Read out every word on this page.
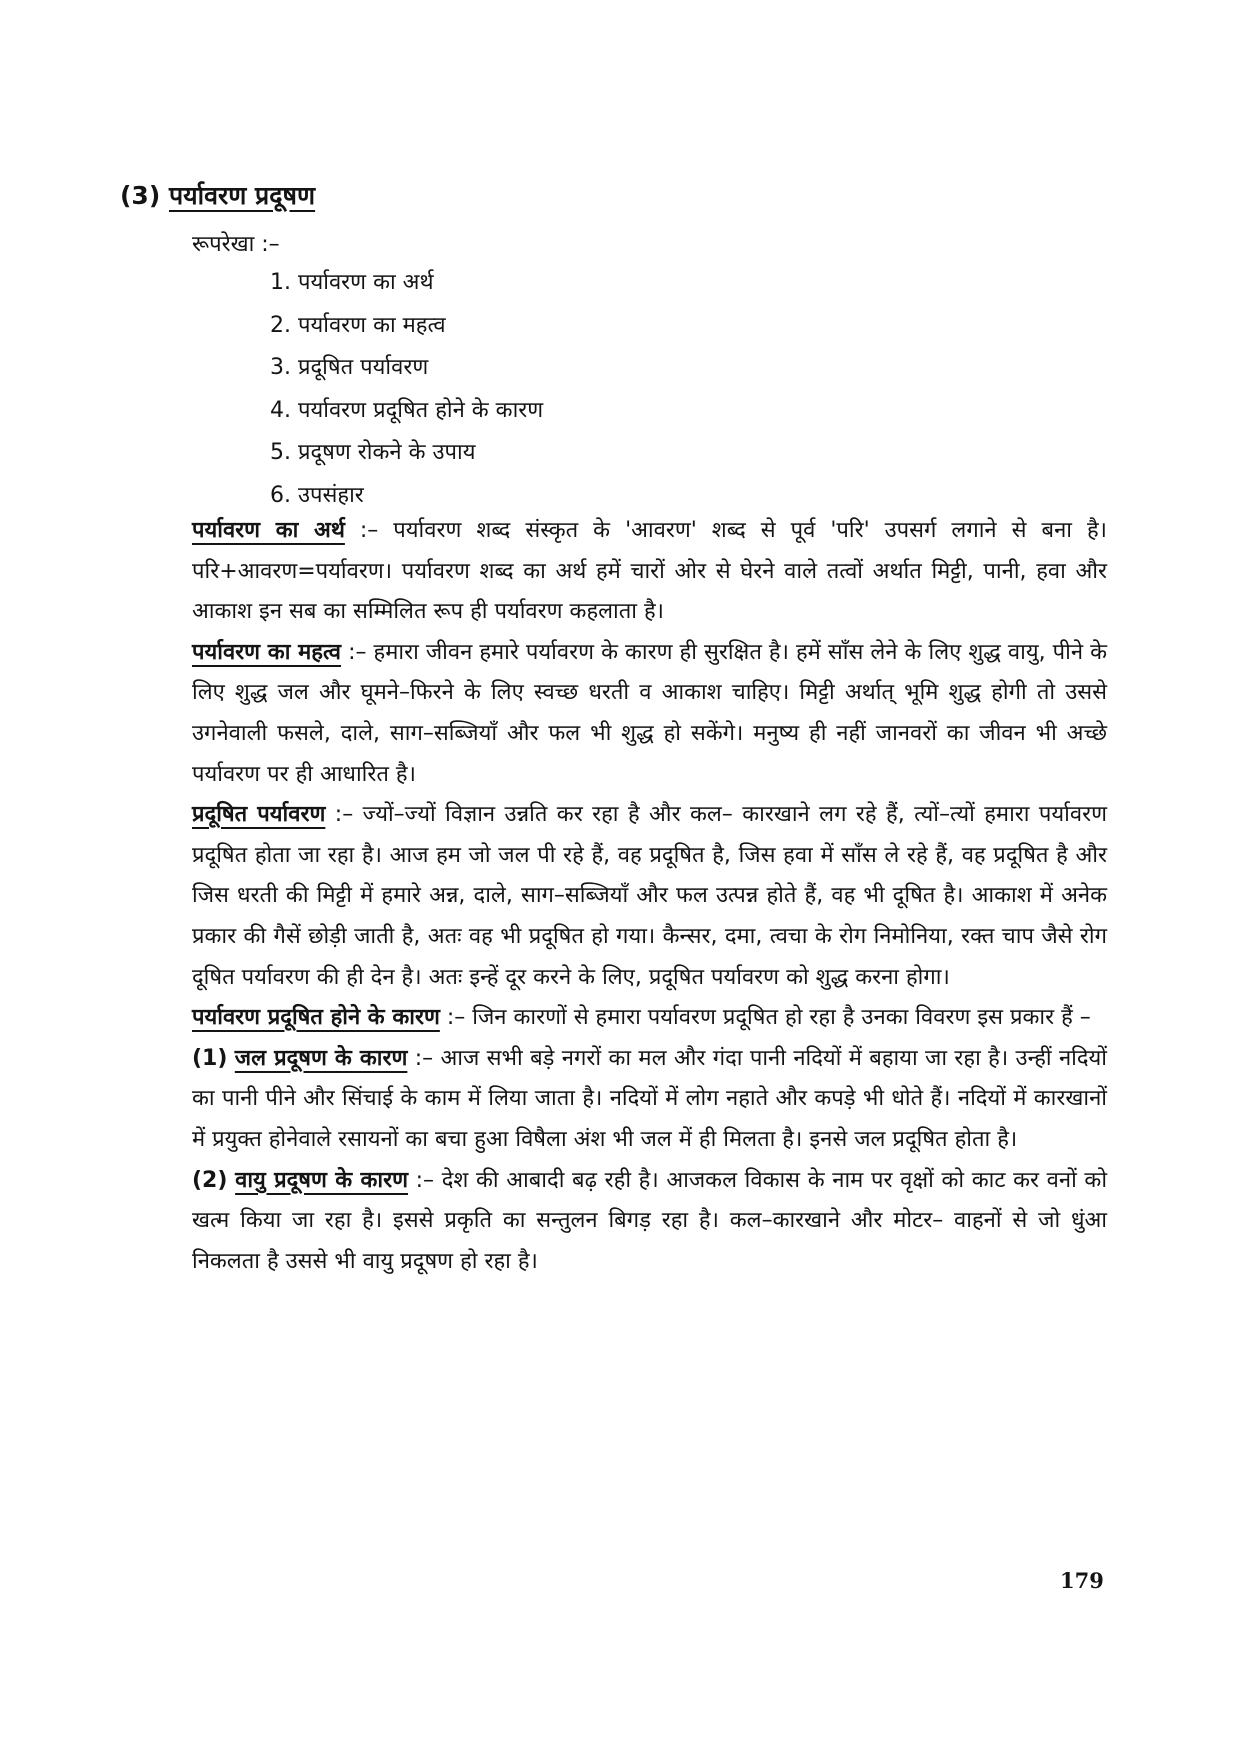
(3) पर्यावरण प्रदूषण
रूपरेखा :–
1. पर्यावरण का अर्थ
2. पर्यावरण का महत्व
3. प्रदूषित पर्यावरण
4. पर्यावरण प्रदूषित होने के कारण
5. प्रदूषण रोकने के उपाय
6. उपसंहार

पर्यावरण का अर्थ :– पर्यावरण शब्द संस्कृत के 'आवरण' शब्द से पूर्व 'परि' उपसर्ग लगाने से बना है। परि+आवरण=पर्यावरण। पर्यावरण शब्द का अर्थ हमें चारों ओर से घेरने वाले तत्वों अर्थात मिट्टी, पानी, हवा और आकाश इन सब का सम्मिलित रूप ही पर्यावरण कहलाता है।

पर्यावरण का महत्व :– हमारा जीवन हमारे पर्यावरण के कारण ही सुरक्षित है। हमें साँस लेने के लिए शुद्ध वायु, पीने के लिए शुद्ध जल और घूमने–फिरने के लिए स्वच्छ धरती व आकाश चाहिए। मिट्टी अर्थात् भूमि शुद्ध होगी तो उससे उगनेवाली फसले, दाले, साग–सब्जियाँ और फल भी शुद्ध हो सकेंगे। मनुष्य ही नहीं जानवरों का जीवन भी अच्छे पर्यावरण पर ही आधारित है।

प्रदूषित पर्यावरण :– ज्यों–ज्यों विज्ञान उन्नति कर रहा है और कल– कारखाने लग रहे हैं, त्यों–त्यों हमारा पर्यावरण प्रदूषित होता जा रहा है। आज हम जो जल पी रहे हैं, वह प्रदूषित है, जिस हवा में साँस ले रहे हैं, वह प्रदूषित है और जिस धरती की मिट्टी में हमारे अन्न, दाले, साग–सब्जियाँ और फल उत्पन्न होते हैं, वह भी दूषित है। आकाश में अनेक प्रकार की गैसें छोड़ी जाती है, अतः वह भी प्रदूषित हो गया। कैन्सर, दमा, त्वचा के रोग निमोनिया, रक्त चाप जैसे रोग दूषित पर्यावरण की ही देन है। अतः इन्हें दूर करने के लिए, प्रदूषित पर्यावरण को शुद्ध करना होगा।

पर्यावरण प्रदूषित होने के कारण :– जिन कारणों से हमारा पर्यावरण प्रदूषित हो रहा है उनका विवरण इस प्रकार हैं –

(1) जल प्रदूषण के कारण :– आज सभी बड़े नगरों का मल और गंदा पानी नदियों में बहाया जा रहा है। उन्हीं नदियों का पानी पीने और सिंचाई के काम में लिया जाता है। नदियों में लोग नहाते और कपड़े भी धोते हैं। नदियों में कारखानों में प्रयुक्त होनेवाले रसायनों का बचा हुआ विषैला अंश भी जल में ही मिलता है। इनसे जल प्रदूषित होता है।

(2) वायु प्रदूषण के कारण :– देश की आबादी बढ़ रही है। आजकल विकास के नाम पर वृक्षों को काट कर वनों को खत्म किया जा रहा है। इससे प्रकृति का सन्तुलन बिगड़ रहा है। कल–कारखाने और मोटर– वाहनों से जो धुंआ निकलता है उससे भी वायु प्रदूषण हो रहा है।

179
